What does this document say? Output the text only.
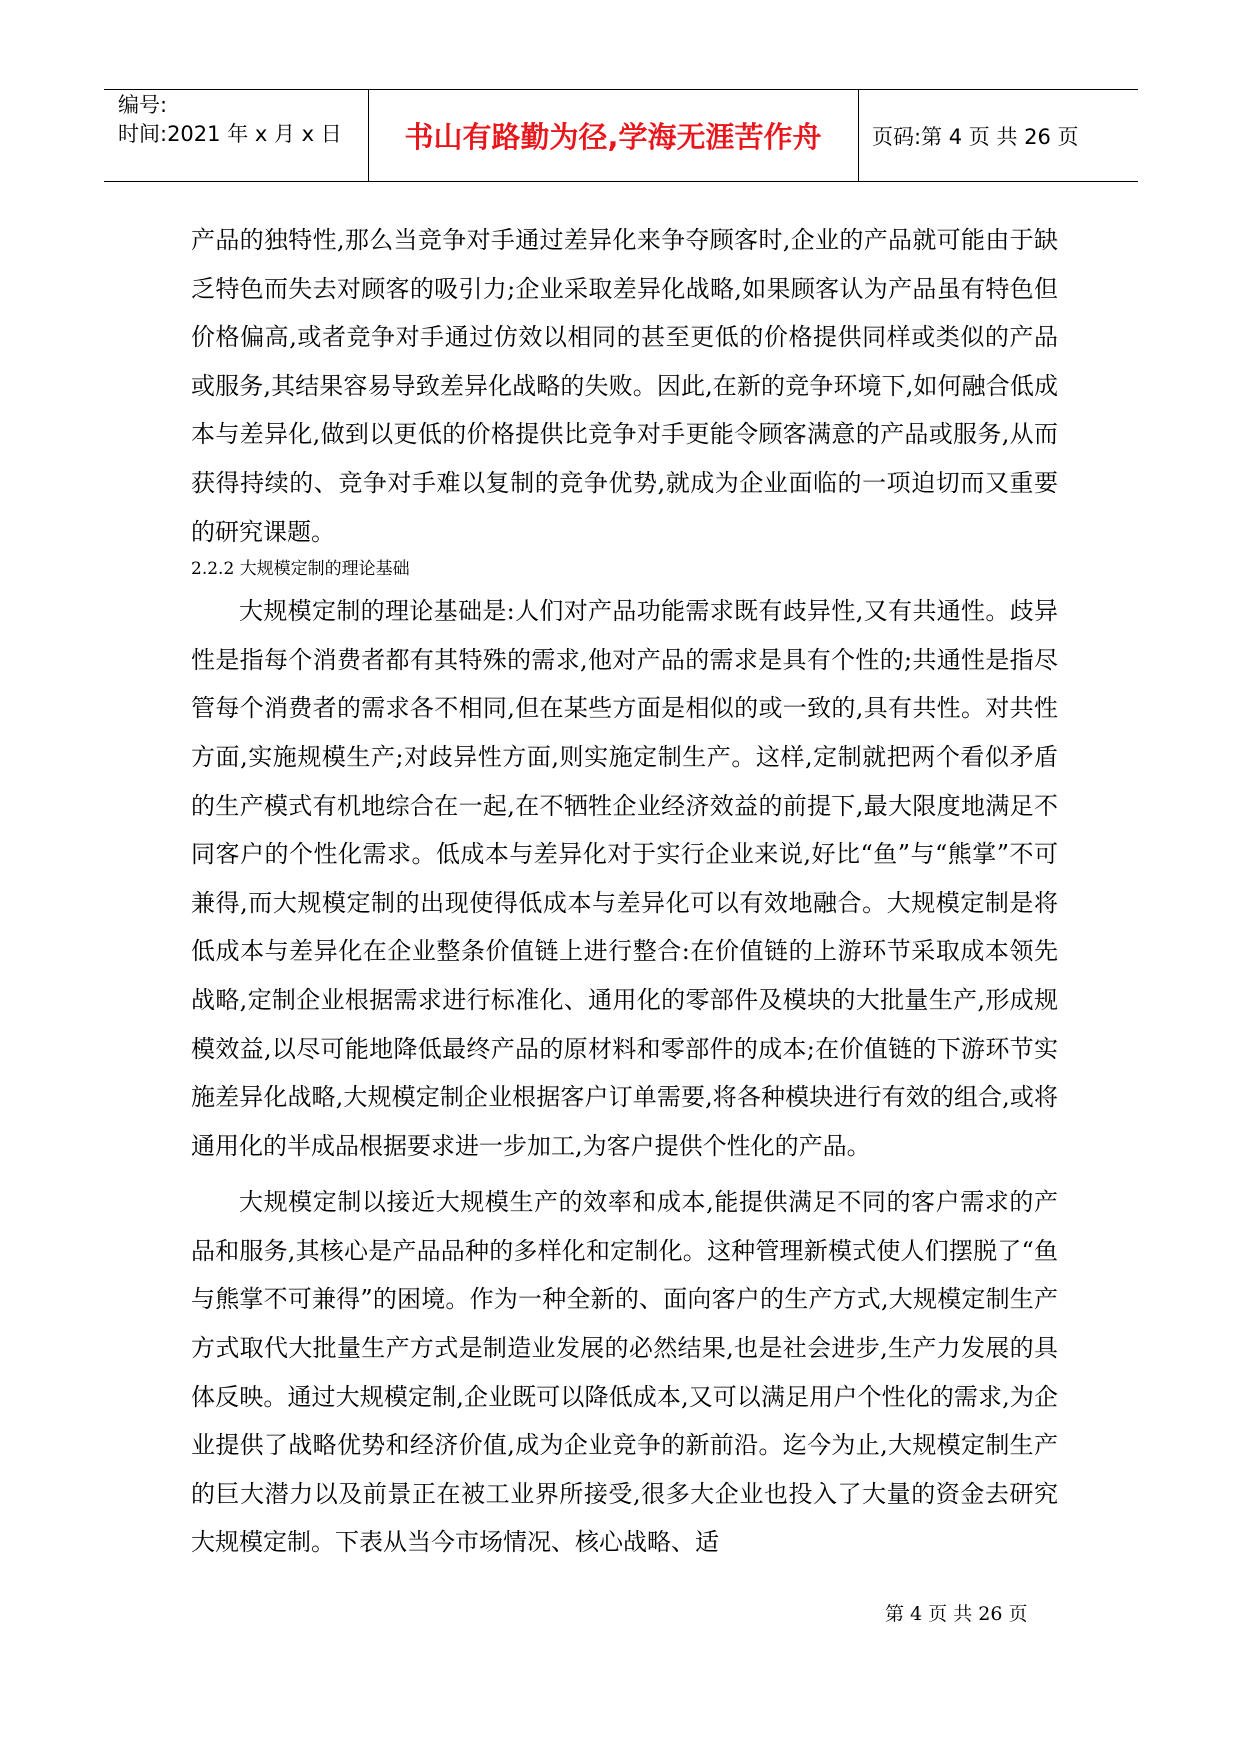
编号:
时间:2021 年 x 月 x 日	书山有路勤为径,学海无涯苦作舟	页码:第 4 页 共 26 页

产品的独特性,那么当竞争对手通过差异化来争夺顾客时,企业的产品就可能由于缺乏特色而失去对顾客的吸引力;企业采取差异化战略,如果顾客认为产品虽有特色但价格偏高,或者竞争对手通过仿效以相同的甚至更低的价格提供同样或类似的产品或服务,其结果容易导致差异化战略的失败。因此,在新的竞争环境下,如何融合低成本与差异化,做到以更低的价格提供比竞争对手更能令顾客满意的产品或服务,从而获得持续的、竞争对手难以复制的竞争优势,就成为企业面临的一项迫切而又重要的研究课题。

2.2.2 大规模定制的理论基础

大规模定制的理论基础是:人们对产品功能需求既有歧异性,又有共通性。歧异性是指每个消费者都有其特殊的需求,他对产品的需求是具有个性的;共通性是指尽管每个消费者的需求各不相同,但在某些方面是相似的或一致的,具有共性。对共性方面,实施规模生产;对歧异性方面,则实施定制生产。这样,定制就把两个看似矛盾的生产模式有机地综合在一起,在不牺牲企业经济效益的前提下,最大限度地满足不同客户的个性化需求。低成本与差异化对于实行企业来说,好比“鱼”与“熊掌”不可兼得,而大规模定制的出现使得低成本与差异化可以有效地融合。大规模定制是将低成本与差异化在企业整条价值链上进行整合:在价值链的上游环节采取成本领先战略,定制企业根据需求进行标准化、通用化的零部件及模块的大批量生产,形成规模效益,以尽可能地降低最终产品的原材料和零部件的成本;在价值链的下游环节实施差异化战略,大规模定制企业根据客户订单需要,将各种模块进行有效的组合,或将通用化的半成品根据要求进一步加工,为客户提供个性化的产品。

大规模定制以接近大规模生产的效率和成本,能提供满足不同的客户需求的产品和服务,其核心是产品品种的多样化和定制化。这种管理新模式使人们摆脱了“鱼与熊掌不可兼得”的困境。作为一种全新的、面向客户的生产方式,大规模定制生产方式取代大批量生产方式是制造业发展的必然结果,也是社会进步,生产力发展的具体反映。通过大规模定制,企业既可以降低成本,又可以满足用户个性化的需求,为企业提供了战略优势和经济价值,成为企业竞争的新前沿。迄今为止,大规模定制生产的巨大潜力以及前景正在被工业界所接受,很多大企业也投入了大量的资金去研究大规模定制。下表从当今市场情况、核心战略、适

第 4 页 共 26 页
